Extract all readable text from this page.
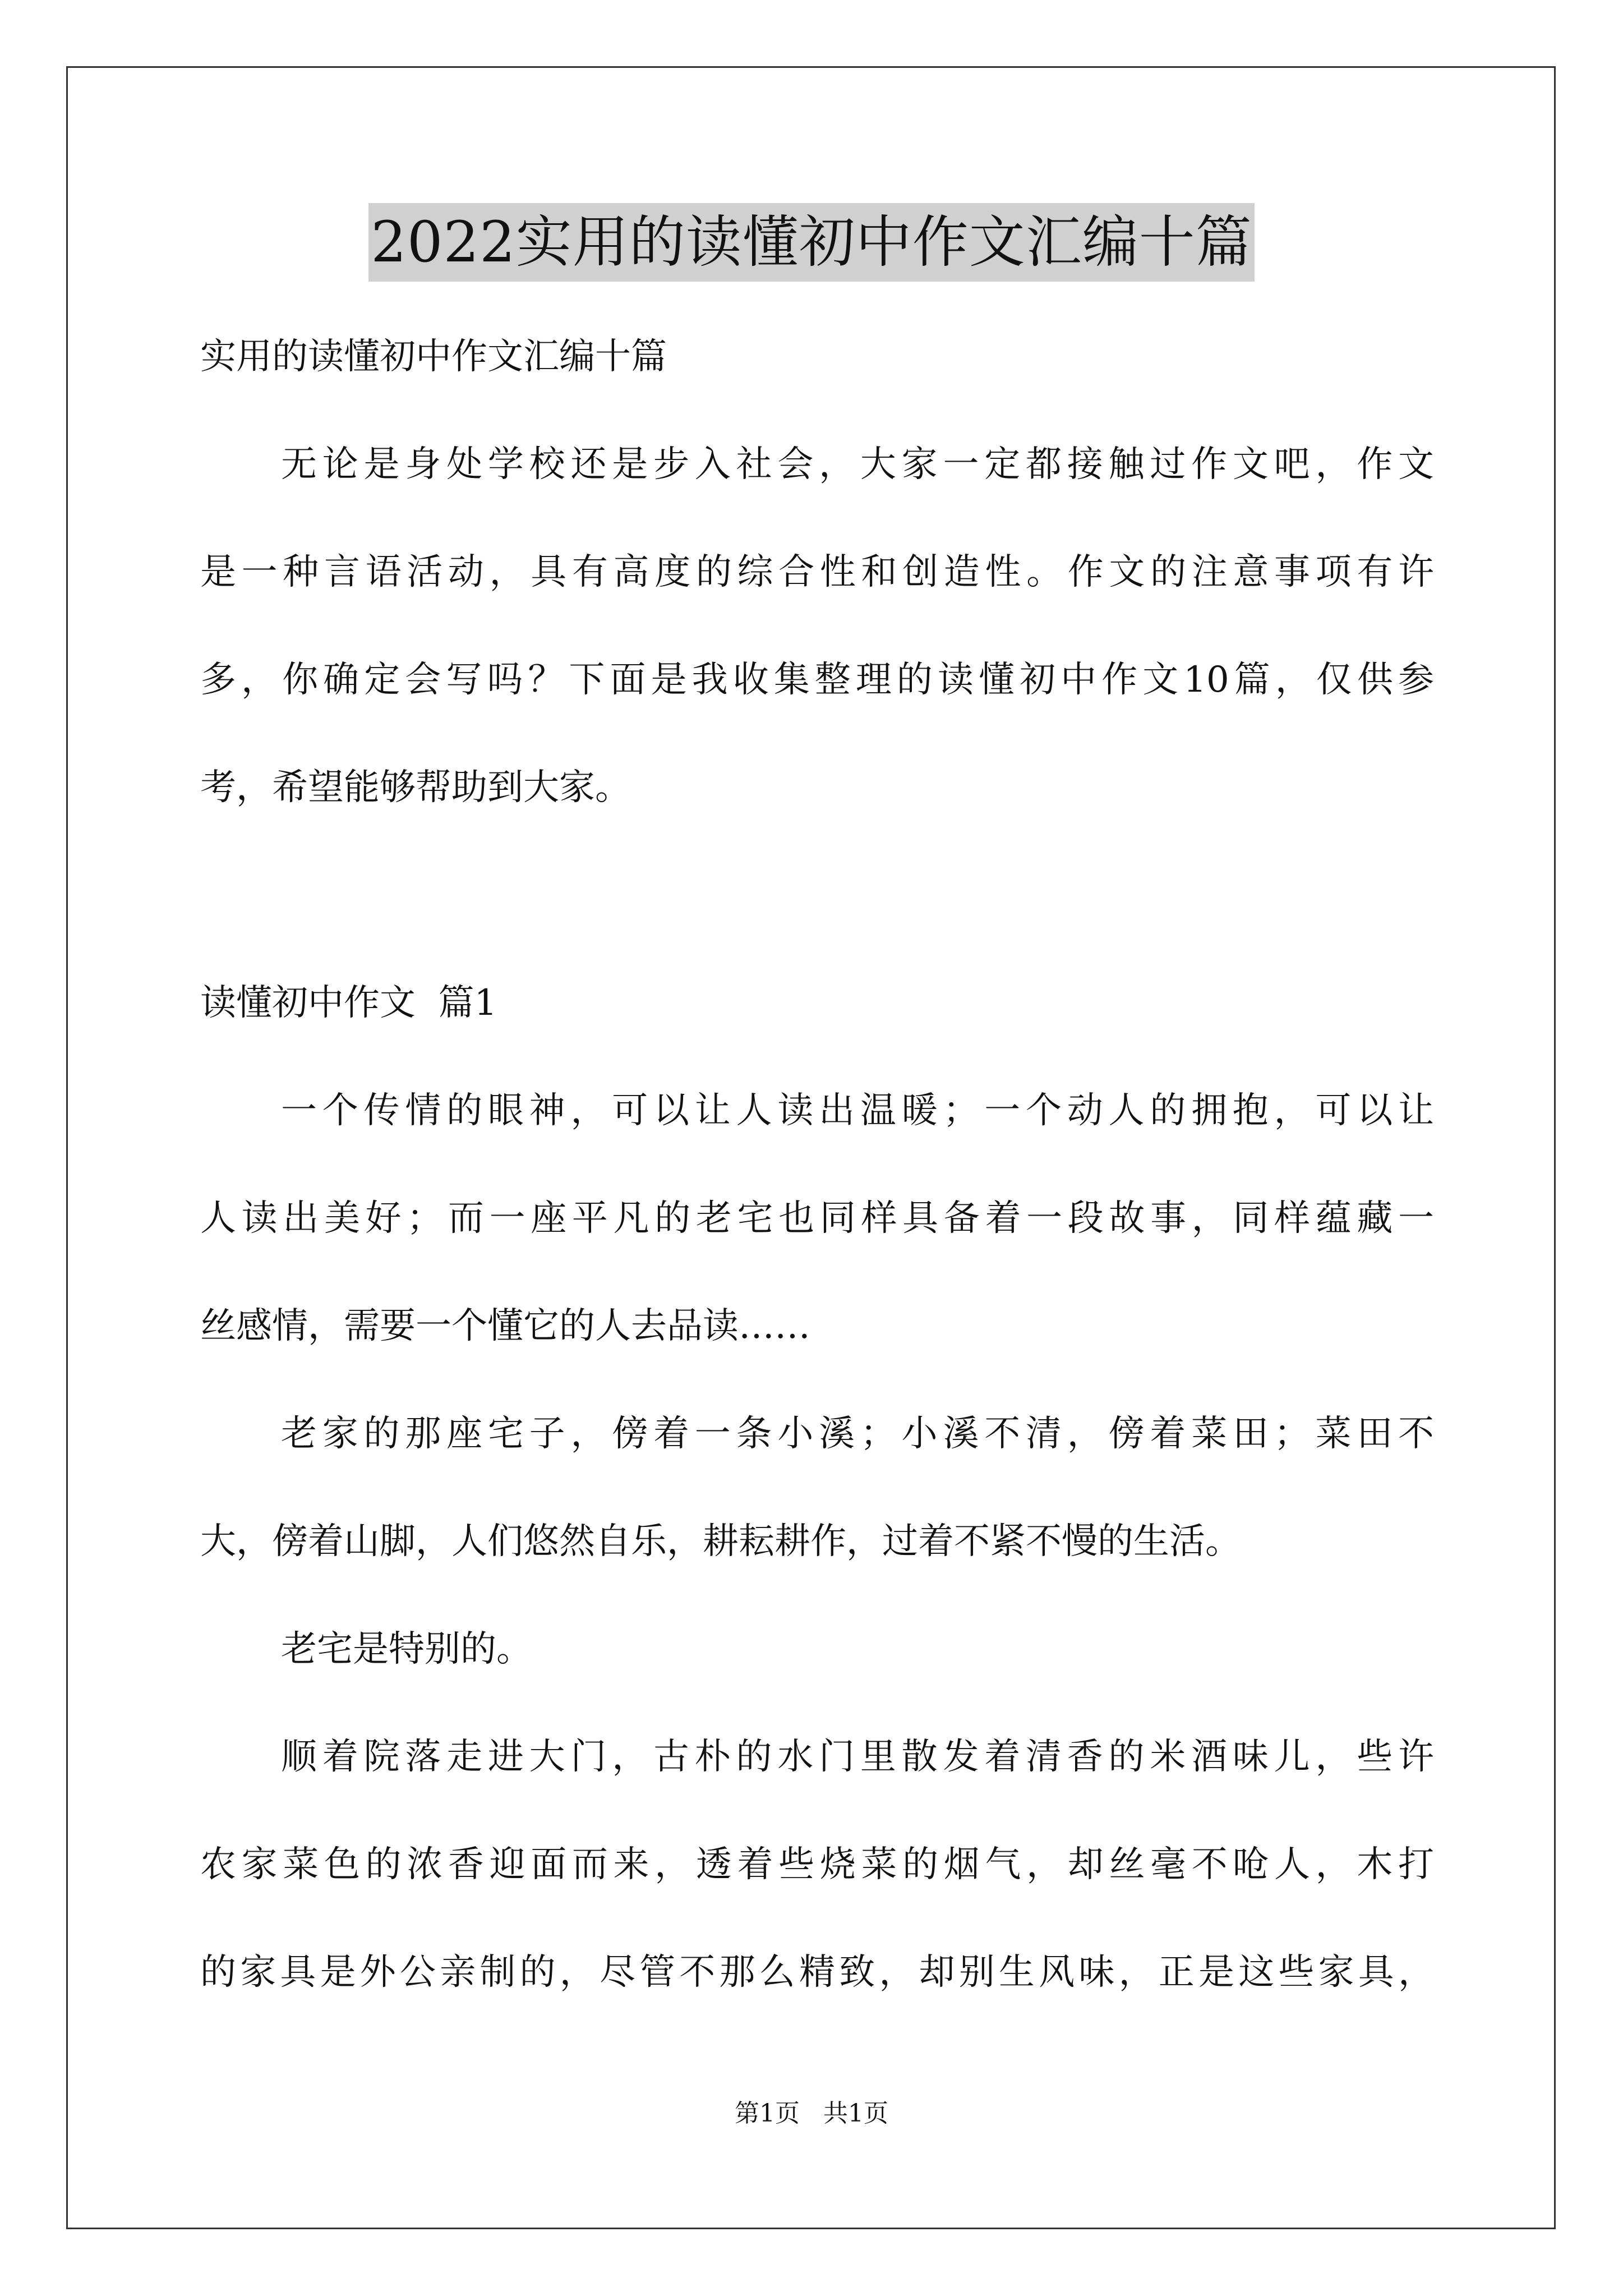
2022实用的读懂初中作文汇编十篇
实用的读懂初中作文汇编十篇
无论是身处学校还是步入社会，大家一定都接触过作文吧，作文
是一种言语活动，具有高度的综合性和创造性。作文的注意事项有许
多，你确定会写吗？下面是我收集整理的读懂初中作文10篇，仅供参
考，希望能够帮助到大家。
读懂初中作文  篇1
一个传情的眼神，可以让人读出温暖；一个动人的拥抱，可以让
人读出美好；而一座平凡的老宅也同样具备着一段故事，同样蕴藏一
丝感情，需要一个懂它的人去品读……
老家的那座宅子，傍着一条小溪；小溪不清，傍着菜田；菜田不
大，傍着山脚，人们悠然自乐，耕耘耕作，过着不紧不慢的生活。
老宅是特别的。
顺着院落走进大门，古朴的水门里散发着清香的米酒味儿，些许
农家菜色的浓香迎面而来，透着些烧菜的烟气，却丝毫不呛人，木打
的家具是外公亲制的，尽管不那么精致，却别生风味，正是这些家具，
第1页   共1页
